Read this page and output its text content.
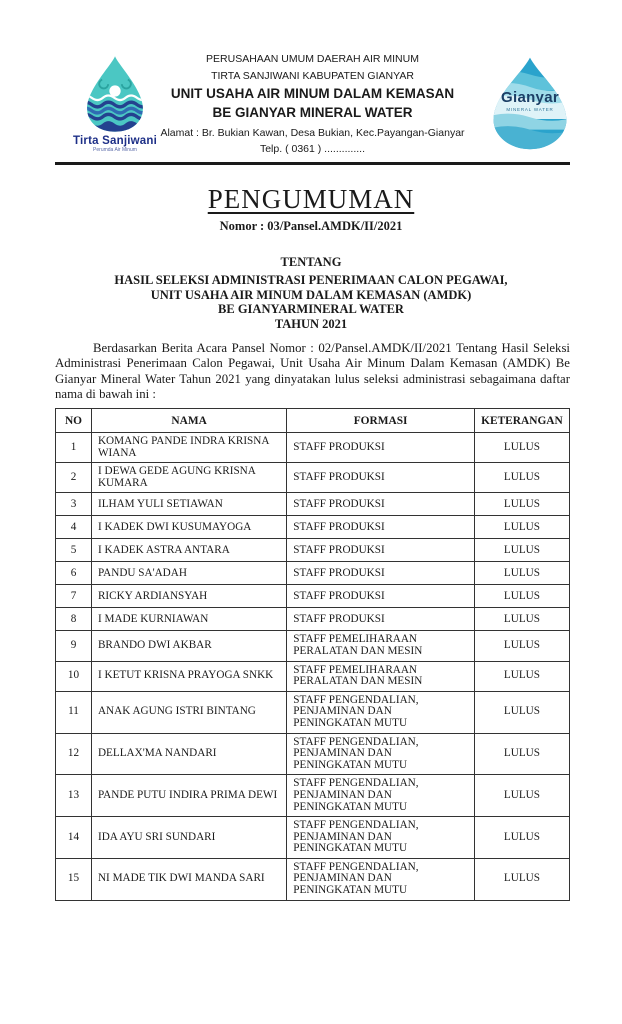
Tirta Sanjiwani
Perumda Air Minum
PERUSAHAAN UMUM DAERAH AIR MINUM
TIRTA SANJIWANI KABUPATEN GIANYAR
UNIT USAHA AIR MINUM DALAM KEMASAN
BE GIANYAR MINERAL WATER
Alamat : Br. Bukian Kawan, Desa Bukian, Kec.Payangan-Gianyar
Telp. ( 0361 ) ..............
Gianyar
MINERAL WATER
PENGUMUMAN
Nomor : 03/Pansel.AMDK/II/2021
TENTANG
HASIL SELEKSI ADMINISTRASI PENERIMAAN CALON PEGAWAI,
UNIT USAHA AIR MINUM DALAM KEMASAN (AMDK)
BE GIANYARMINERAL WATER
TAHUN 2021

Berdasarkan Berita Acara Pansel Nomor : 02/Pansel.AMDK/II/2021 Tentang Hasil Seleksi Administrasi Penerimaan Calon Pegawai, Unit Usaha Air Minum Dalam Kemasan (AMDK) Be Gianyar Mineral Water Tahun 2021 yang dinyatakan lulus seleksi administrasi sebagaimana daftar nama di bawah ini :

NO	NAMA	FORMASI	KETERANGAN
1	KOMANG PANDE INDRA KRISNA WIANA	STAFF PRODUKSI	LULUS
2	I DEWA GEDE AGUNG KRISNA KUMARA	STAFF PRODUKSI	LULUS
3	ILHAM YULI SETIAWAN	STAFF PRODUKSI	LULUS
4	I KADEK DWI KUSUMAYOGA	STAFF PRODUKSI	LULUS
5	I KADEK ASTRA ANTARA	STAFF PRODUKSI	LULUS
6	PANDU SA'ADAH	STAFF PRODUKSI	LULUS
7	RICKY ARDIANSYAH	STAFF PRODUKSI	LULUS
8	I MADE KURNIAWAN	STAFF PRODUKSI	LULUS
9	BRANDO DWI AKBAR	STAFF PEMELIHARAAN PERALATAN DAN MESIN	LULUS
10	I KETUT KRISNA PRAYOGA SNKK	STAFF PEMELIHARAAN PERALATAN DAN MESIN	LULUS
11	ANAK AGUNG ISTRI BINTANG	STAFF PENGENDALIAN, PENJAMINAN DAN PENINGKATAN MUTU	LULUS
12	DELLAX'MA NANDARI	STAFF PENGENDALIAN, PENJAMINAN DAN PENINGKATAN MUTU	LULUS
13	PANDE PUTU INDIRA PRIMA DEWI	STAFF PENGENDALIAN, PENJAMINAN DAN PENINGKATAN MUTU	LULUS
14	IDA AYU SRI SUNDARI	STAFF PENGENDALIAN, PENJAMINAN DAN PENINGKATAN MUTU	LULUS
15	NI MADE TIK DWI MANDA SARI	STAFF PENGENDALIAN, PENJAMINAN DAN PENINGKATAN MUTU	LULUS
